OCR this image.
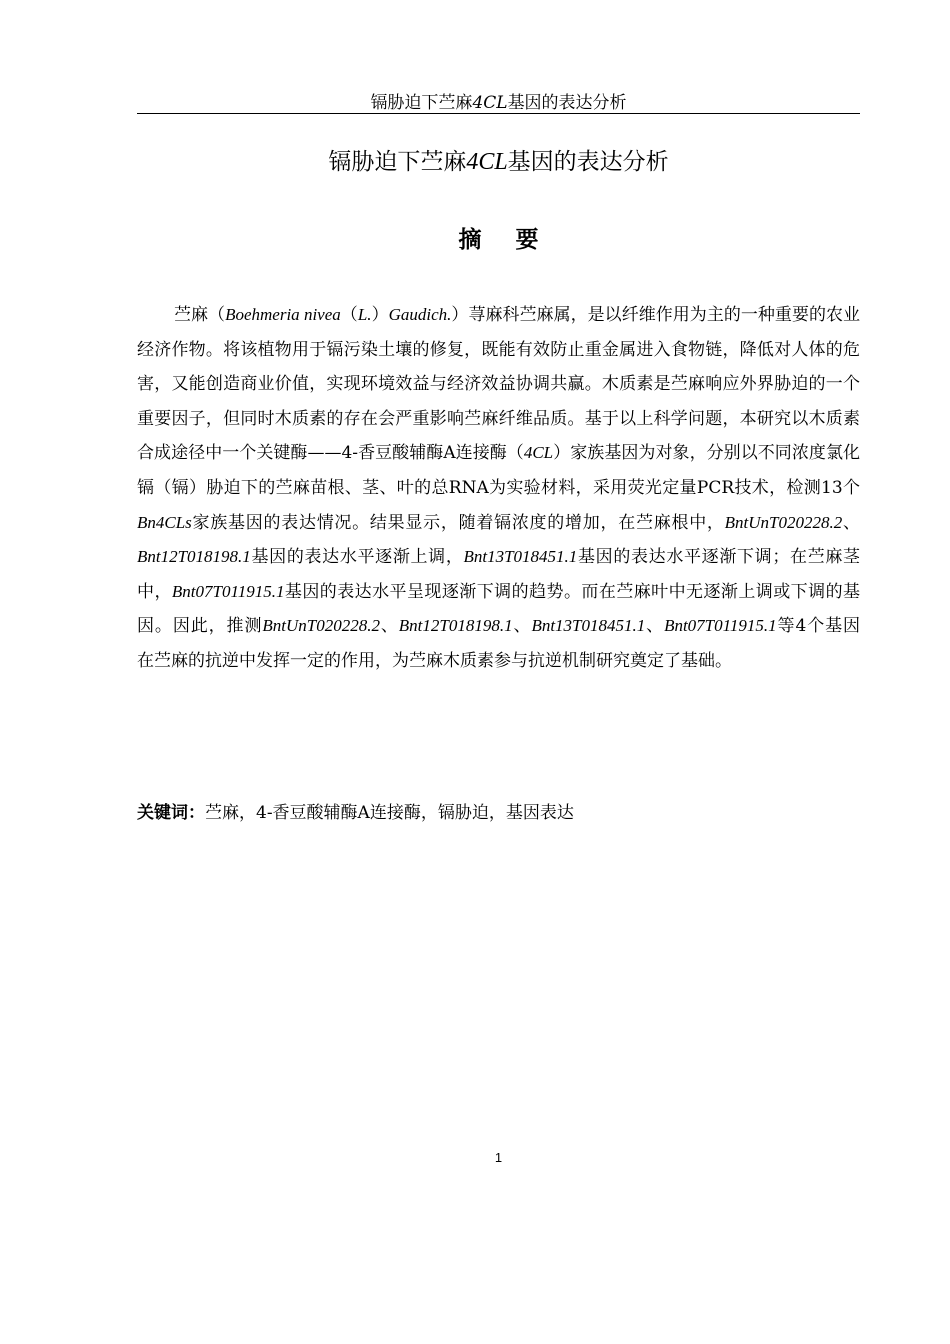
镉胁迫下苎麻4CL基因的表达分析
镉胁迫下苎麻4CL基因的表达分析
摘 要

苎麻（Boehmeria nivea（L.）Gaudich.）荨麻科苎麻属，是以纤维作用为主的一种重要的农业经济作物。将该植物用于镉污染土壤的修复，既能有效防止重金属进入食物链，降低对人体的危害，又能创造商业价值，实现环境效益与经济效益协调共赢。木质素是苎麻响应外界胁迫的一个重要因子，但同时木质素的存在会严重影响苎麻纤维品质。基于以上科学问题，本研究以木质素合成途径中一个关键酶——4-香豆酸辅酶A连接酶（4CL）家族基因为对象，分别以不同浓度氯化镉（镉）胁迫下的苎麻苗根、茎、叶的总RNA为实验材料，采用荧光定量PCR技术，检测13个Bn4CLs家族基因的表达情况。结果显示，随着镉浓度的增加，在苎麻根中，BntUnT020228.2、Bnt12T018198.1基因的表达水平逐渐上调，Bnt13T018451.1基因的表达水平逐渐下调；在苎麻茎中，Bnt07T011915.1基因的表达水平呈现逐渐下调的趋势。而在苎麻叶中无逐渐上调或下调的基因。因此，推测BntUnT020228.2、Bnt12T018198.1、Bnt13T018451.1、Bnt07T011915.1等4个基因在苎麻的抗逆中发挥一定的作用，为苎麻木质素参与抗逆机制研究奠定了基础。

关键词：苎麻，4-香豆酸辅酶A连接酶，镉胁迫，基因表达

1
